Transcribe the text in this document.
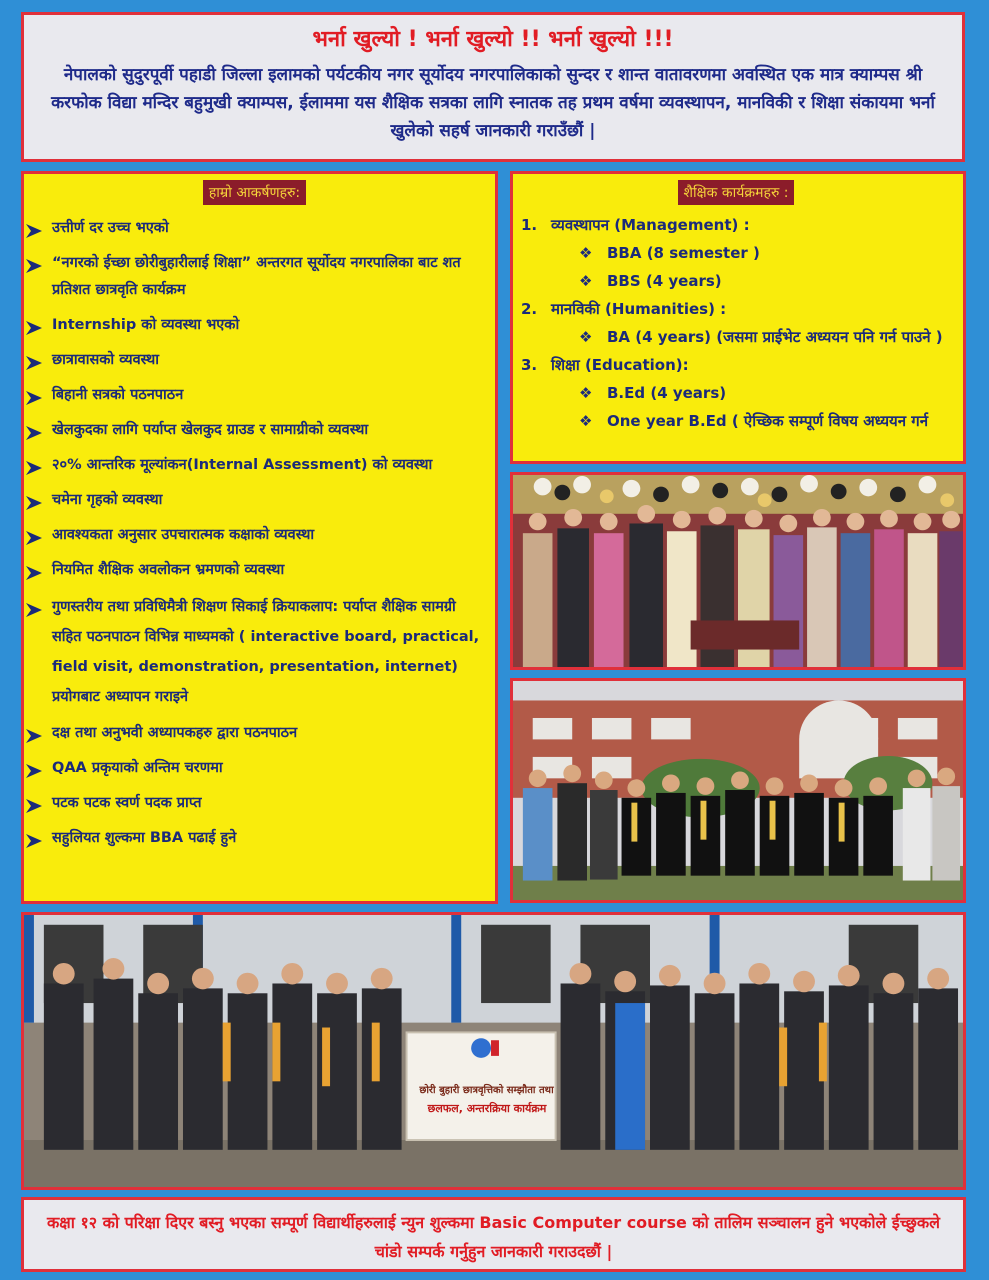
भर्ना खुल्यो ! भर्ना खुल्यो !! भर्ना खुल्यो !!!
नेपालको सुदुरपूर्वी पहाडी जिल्ला इलामको पर्यटकीय नगर सूर्योदय नगरपालिकाको सुन्दर र शान्त वातावरणमा अवस्थित एक मात्र क्याम्पस श्री करफोक विद्या मन्दिर बहुमुखी क्याम्पस, ईलाममा यस शैक्षिक सत्रका लागि स्नातक तह प्रथम वर्षमा व्यवस्थापन, मानविकी र शिक्षा संकायमा भर्ना खुलेको सहर्ष जानकारी गराउँछौं |
हाम्रो आकर्षणहरु:
उत्तीर्ण दर उच्च भएको
“नगरको ईच्छा छोरीबुहारीलाई शिक्षा” अन्तरगत सूर्योदय नगरपालिका बाट शत प्रतिशत छात्रवृति कार्यक्रम
Internship को व्यवस्था भएको
छात्रावासको व्यवस्था
बिहानी सत्रको पठनपाठन
खेलकुदका लागि पर्याप्त खेलकुद ग्राउड र सामाग्रीको व्यवस्था
२०% आन्तरिक मूल्यांकन(Internal Assessment) को व्यवस्था
चमेना गृहको व्यवस्था
आवश्यकता अनुसार उपचारात्मक कक्षाको व्यवस्था
नियमित शैक्षिक अवलोकन भ्रमणको व्यवस्था
गुणस्तरीय तथा प्रविधिमैत्री शिक्षण सिकाई क्रियाकलाप: पर्याप्त शैक्षिक सामग्री सहित पठनपाठन विभिन्न माध्यमको ( interactive board, practical, field visit, demonstration, presentation, internet) प्रयोगबाट अध्यापन गराइने
दक्ष तथा अनुभवी अध्यापकहरु द्वारा पठनपाठन
QAA प्रकृयाको अन्तिम चरणमा
पटक पटक स्वर्ण पदक प्राप्त
सहुलियत शुल्कमा BBA पढाई हुने
शैक्षिक कार्यक्रमहरु :
1. व्यवस्थापन (Management) :
❖ BBA (8 semester )
❖ BBS (4 years)
2. मानविकी (Humanities) :
❖ BA (4 years) (जसमा प्राईभेट अध्ययन पनि गर्न पाउने )
3. शिक्षा (Education):
❖ B.Ed (4 years)
❖ One year B.Ed ( ऐच्छिक सम्पूर्ण विषय अध्ययन गर्न
छोरी बुहारी छात्रवृत्तिको सम्झौता तथा
छलफल, अन्तरक्रिया कार्यक्रम
कक्षा १२ को परिक्षा दिएर बस्नु भएका सम्पूर्ण विद्यार्थीहरुलाई न्युन शुल्कमा Basic Computer course को तालिम सञ्चालन हुने भएकोले ईच्छुकले चांडो सम्पर्क गर्नुहुन जानकारी गराउदछौं |
